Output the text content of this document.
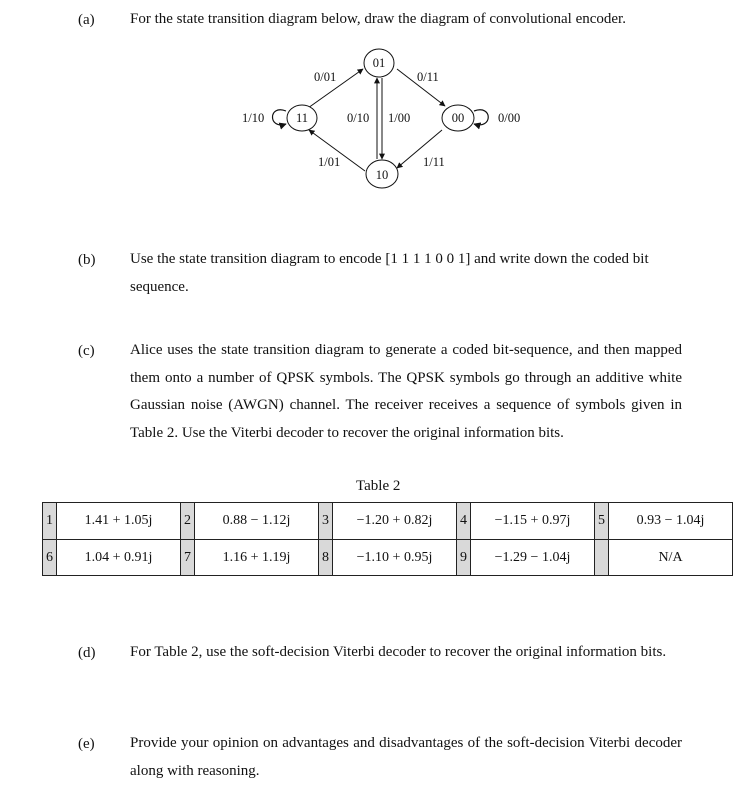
(a) For the state transition diagram below, draw the diagram of convolutional encoder.
01
11	00
10
0/01	0/11
1/10	0/10 1/00	0/00
1/01	1/11
(b) Use the state transition diagram to encode [1 1 1 1 0 0 1] and write down the coded bit
sequence.
(c) Alice uses the state transition diagram to generate a coded bit-sequence, and then mapped them onto a number of QPSK symbols. The QPSK symbols go through an additive white Gaussian noise (AWGN) channel. The receiver receives a sequence of symbols given in Table 2. Use the Viterbi decoder to recover the original information bits.
Table 2
1	1.41 + 1.05j	2	0.88 − 1.12j	3	−1.20 + 0.82j	4	−1.15 + 0.97j	5	0.93 − 1.04j
6	1.04 + 0.91j	7	1.16 + 1.19j	8	−1.10 + 0.95j	9	−1.29 − 1.04j		N/A
(d) For Table 2, use the soft-decision Viterbi decoder to recover the original information bits.
(e) Provide your opinion on advantages and disadvantages of the soft-decision Viterbi decoder along with reasoning.
